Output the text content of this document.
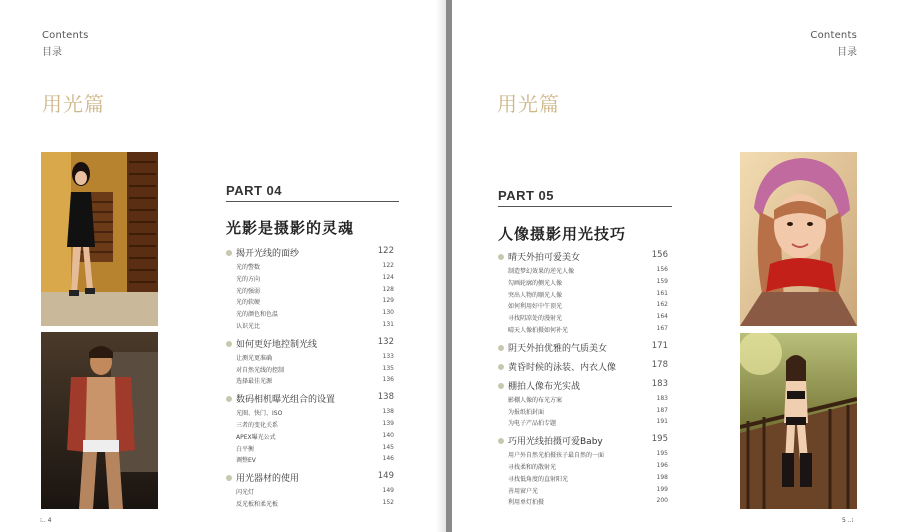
Contents
目录
用光篇
PART 04
光影是摄影的灵魂
揭开光线的面纱	122
光的警数	122
光的方向	124
光的强弱	128
光的软硬	129
光的颜色和色温	130
认识光比	131
如何更好地控制光线	132
让测光更准确	133
对自然光线的控制	135
选择最佳光源	136
数码相机曝光组合的设置	138
光圈、快门、ISO	138
三者的变化关系	139
APEX曝光公式	140
白平衡	145
调整EV	146
用光器材的使用	149
闪光灯	149
反光板和柔光板	152
⁝.. 4
Contents
目录
用光篇
PART 05
人像摄影用光技巧
晴天外拍可爱美女	156
制造梦幻效果的逆光人像	156
勾画轮廓的侧光人像	159
突出人物的顺光人像	161
如何利用好中午顶光	162
寻找阴凉处的漫射光	164
晴天人像拍摄如何补光	167
阴天外拍优雅的气质美女	171
黄昏时候的泳装、内衣人像	178
棚拍人像布光实战	183
影棚人像的布光方案	183
为报纸拍封面	187
为电子产品拍专题	191
巧用光线拍摄可爱Baby	195
用户外自然光拍摄孩子最自然的一面	195
寻找柔和的散射光	196
寻找低角度的直射阳光	198
善用窗户光	199
利用单灯拍摄	200
5 ..⁝
